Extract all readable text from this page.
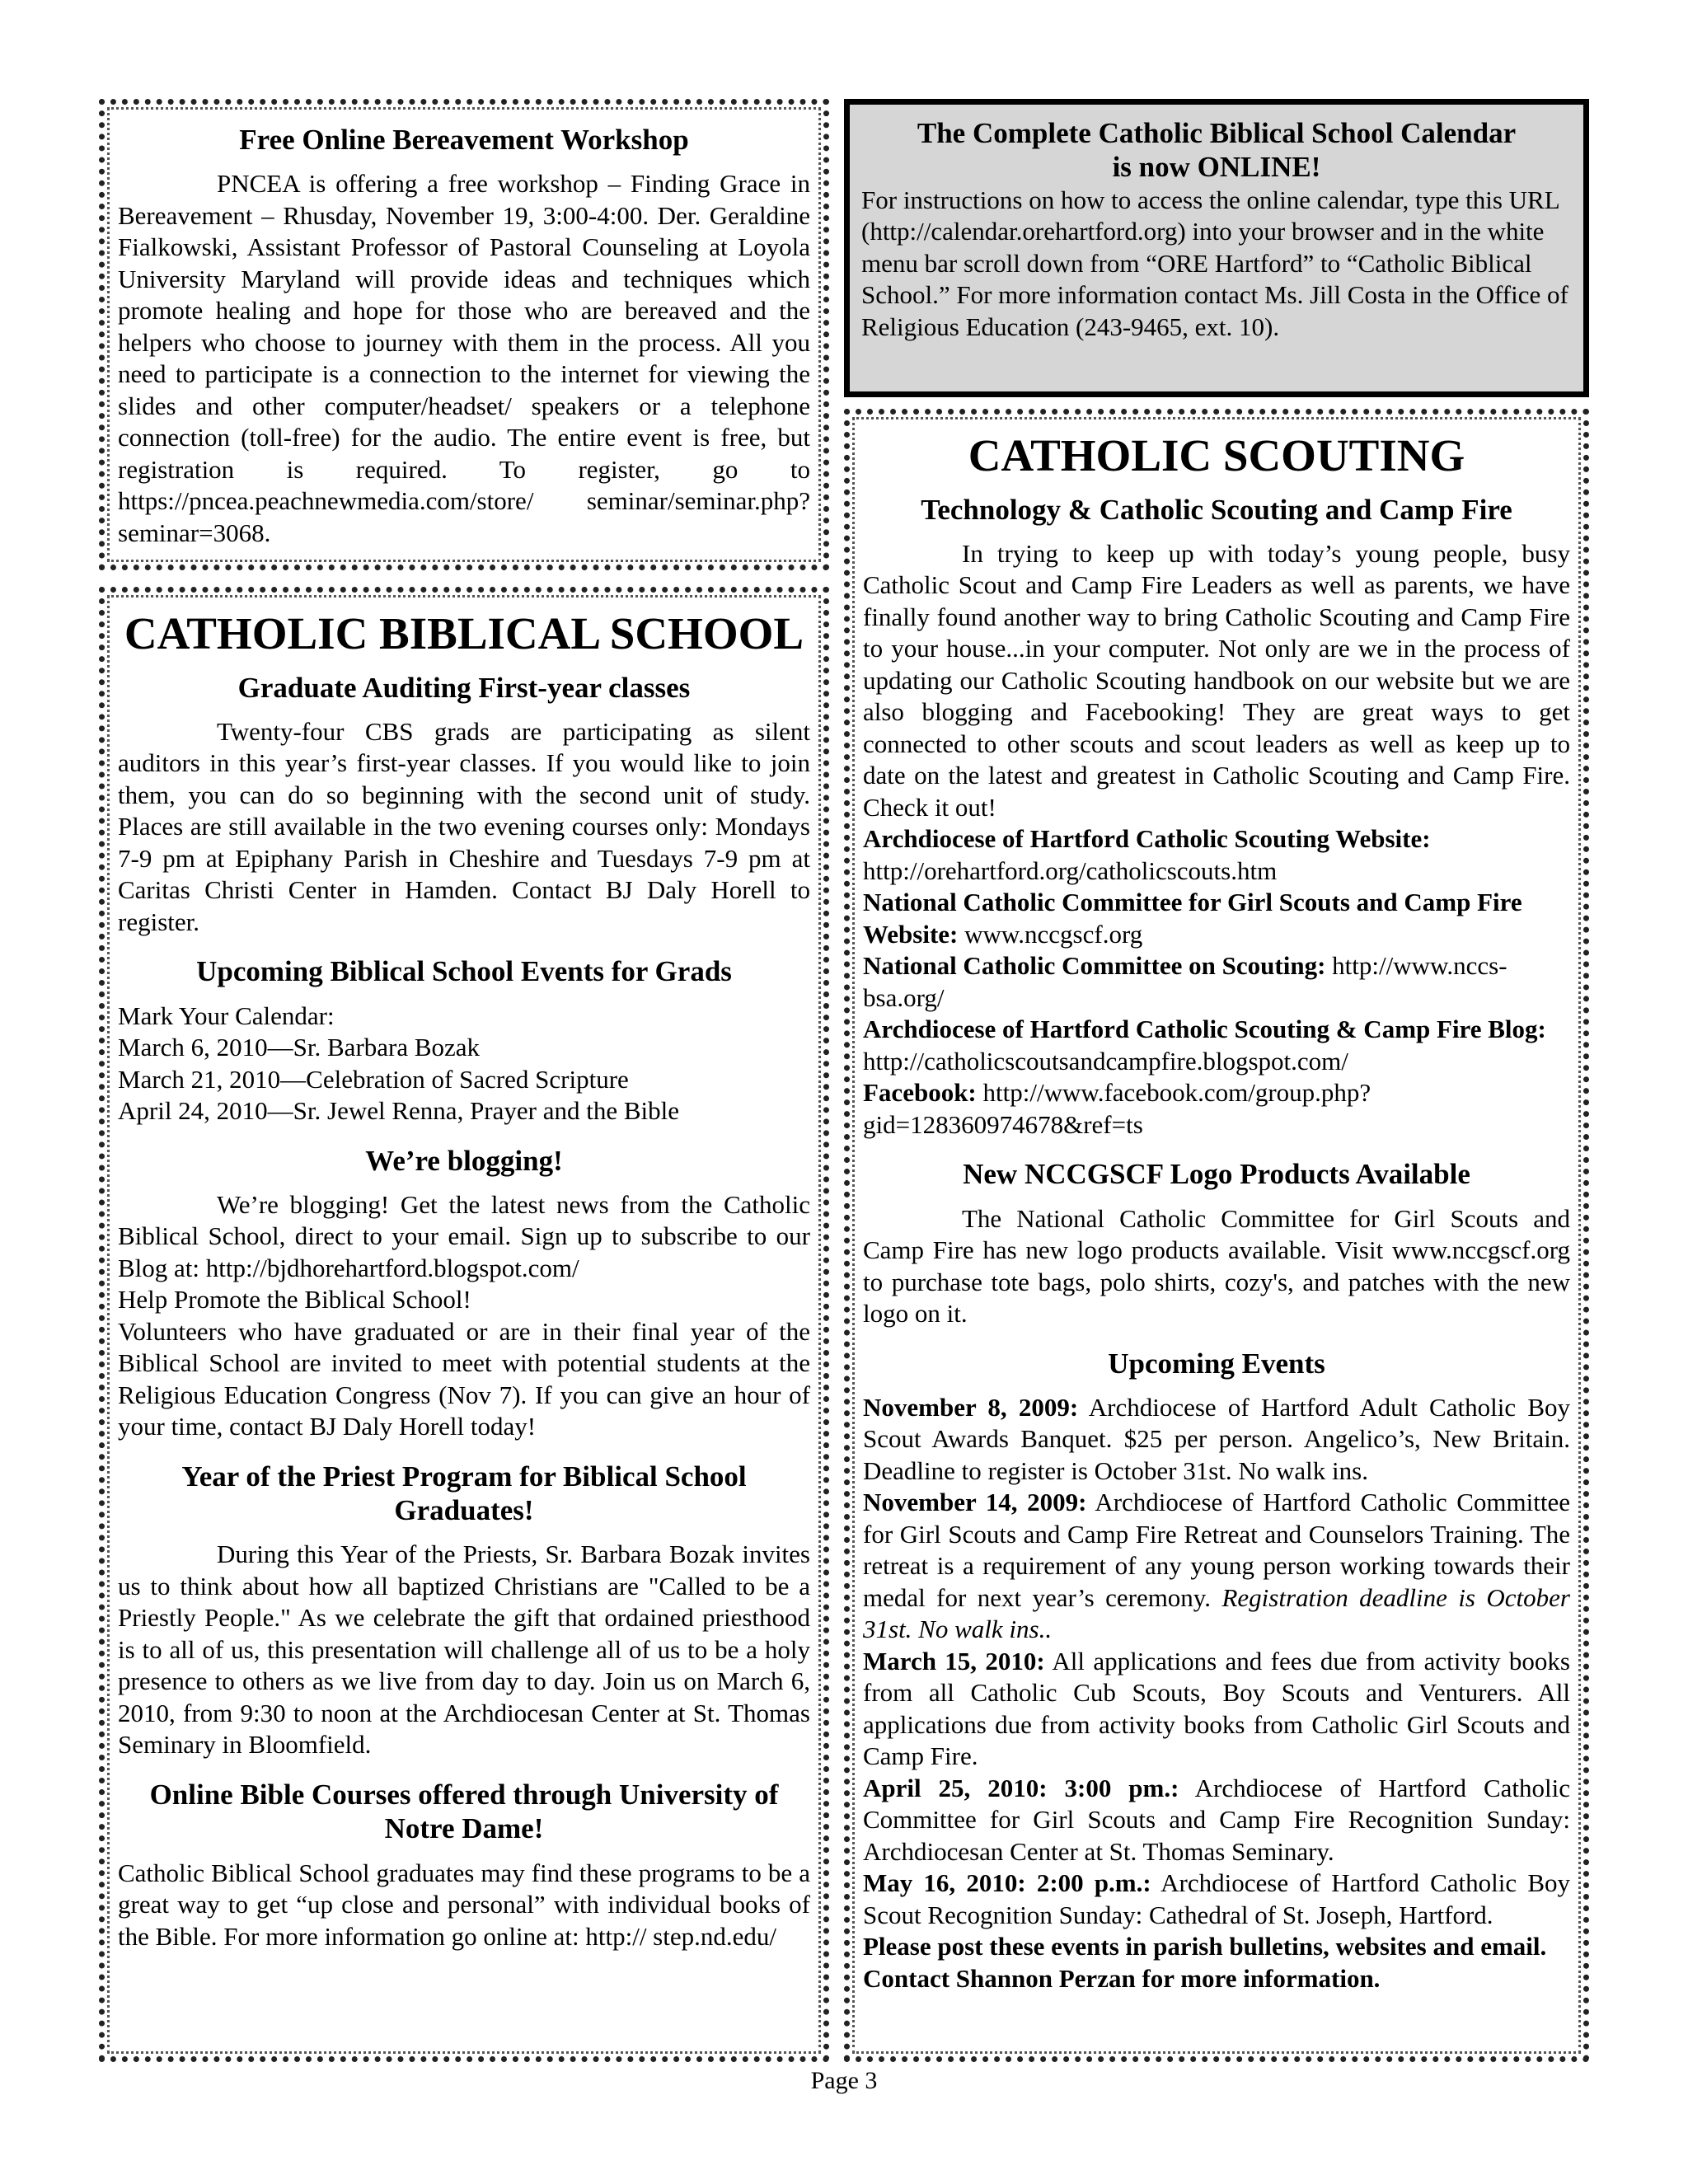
Free Online Bereavement Workshop

PNCEA is offering a free workshop – Finding Grace in Bereavement – Rhusday, November 19, 3:00-4:00. Der. Geraldine Fialkowski, Assistant Professor of Pastoral Counseling at Loyola University Maryland will provide ideas and techniques which promote healing and hope for those who are bereaved and the helpers who choose to journey with them in the process. All you need to participate is a connection to the internet for viewing the slides and other computer/headset/ speakers or a telephone connection (toll-free) for the audio. The entire event is free, but registration is required. To register, go to https://pncea.peachnewmedia.com/store/ seminar/seminar.php?seminar=3068.

The Complete Catholic Biblical School Calendar is now ONLINE!

For instructions on how to access the online calendar, type this URL (http://calendar.orehartford.org) into your browser and in the white menu bar scroll down from “ORE Hartford” to “Catholic Biblical School.” For more information contact Ms. Jill Costa in the Office of Religious Education (243-9465, ext. 10).

CATHOLIC BIBLICAL SCHOOL
Graduate Auditing First-year classes

Twenty-four CBS grads are participating as silent auditors in this year’s first-year classes. If you would like to join them, you can do so beginning with the second unit of study. Places are still available in the two evening courses only: Mondays 7-9 pm at Epiphany Parish in Cheshire and Tuesdays 7-9 pm at Caritas Christi Center in Hamden. Contact BJ Daly Horell to register.

Upcoming Biblical School Events for Grads

Mark Your Calendar:

March 6, 2010—Sr. Barbara Bozak

March 21, 2010—Celebration of Sacred Scripture

April 24, 2010—Sr. Jewel Renna, Prayer and the Bible

We’re blogging!

We’re blogging! Get the latest news from the Catholic Biblical School, direct to your email. Sign up to subscribe to our Blog at: http://bjdhorehartford.blogspot.com/

Help Promote the Biblical School!

Volunteers who have graduated or are in their final year of the Biblical School are invited to meet with potential students at the Religious Education Congress (Nov 7). If you can give an hour of your time, contact BJ Daly Horell today!

Year of the Priest Program for Biblical School Graduates!

During this Year of the Priests, Sr. Barbara Bozak invites us to think about how all baptized Christians are "Called to be a Priestly People." As we celebrate the gift that ordained priesthood is to all of us, this presentation will challenge all of us to be a holy presence to others as we live from day to day. Join us on March 6, 2010, from 9:30 to noon at the Archdiocesan Center at St. Thomas Seminary in Bloomfield.

Online Bible Courses offered through University of Notre Dame!

Catholic Biblical School graduates may find these programs to be a great way to get “up close and personal” with individual books of the Bible. For more information go online at: http:// step.nd.edu/

CATHOLIC SCOUTING
Technology & Catholic Scouting and Camp Fire

In trying to keep up with today’s young people, busy Catholic Scout and Camp Fire Leaders as well as parents, we have finally found another way to bring Catholic Scouting and Camp Fire to your house...in your computer. Not only are we in the process of updating our Catholic Scouting handbook on our website but we are also blogging and Facebooking! They are great ways to get connected to other scouts and scout leaders as well as keep up to date on the latest and greatest in Catholic Scouting and Camp Fire. Check it out!

Archdiocese of Hartford Catholic Scouting Website: http://orehartford.org/catholicscouts.htm

National Catholic Committee for Girl Scouts and Camp Fire Website: www.nccgscf.org

National Catholic Committee on Scouting: http://www.nccs-bsa.org/

Archdiocese of Hartford Catholic Scouting & Camp Fire Blog: http://catholicscoutsandcampfire.blogspot.com/

Facebook: http://www.facebook.com/group.php? gid=128360974678&ref=ts

New NCCGSCF Logo Products Available

The National Catholic Committee for Girl Scouts and Camp Fire has new logo products available. Visit www.nccgscf.org to purchase tote bags, polo shirts, cozy's, and patches with the new logo on it.

Upcoming Events

November 8, 2009: Archdiocese of Hartford Adult Catholic Boy Scout Awards Banquet. $25 per person. Angelico’s, New Britain. Deadline to register is October 31st. No walk ins.

November 14, 2009: Archdiocese of Hartford Catholic Committee for Girl Scouts and Camp Fire Retreat and Counselors Training. The retreat is a requirement of any young person working towards their medal for next year’s ceremony. Registration deadline is October 31st. No walk ins..

March 15, 2010: All applications and fees due from activity books from all Catholic Cub Scouts, Boy Scouts and Venturers. All applications due from activity books from Catholic Girl Scouts and Camp Fire.

April 25, 2010: 3:00 pm.: Archdiocese of Hartford Catholic Committee for Girl Scouts and Camp Fire Recognition Sunday: Archdiocesan Center at St. Thomas Seminary.

May 16, 2010: 2:00 p.m.: Archdiocese of Hartford Catholic Boy Scout Recognition Sunday: Cathedral of St. Joseph, Hartford.

Please post these events in parish bulletins, websites and email. Contact Shannon Perzan for more information.

Page 3
